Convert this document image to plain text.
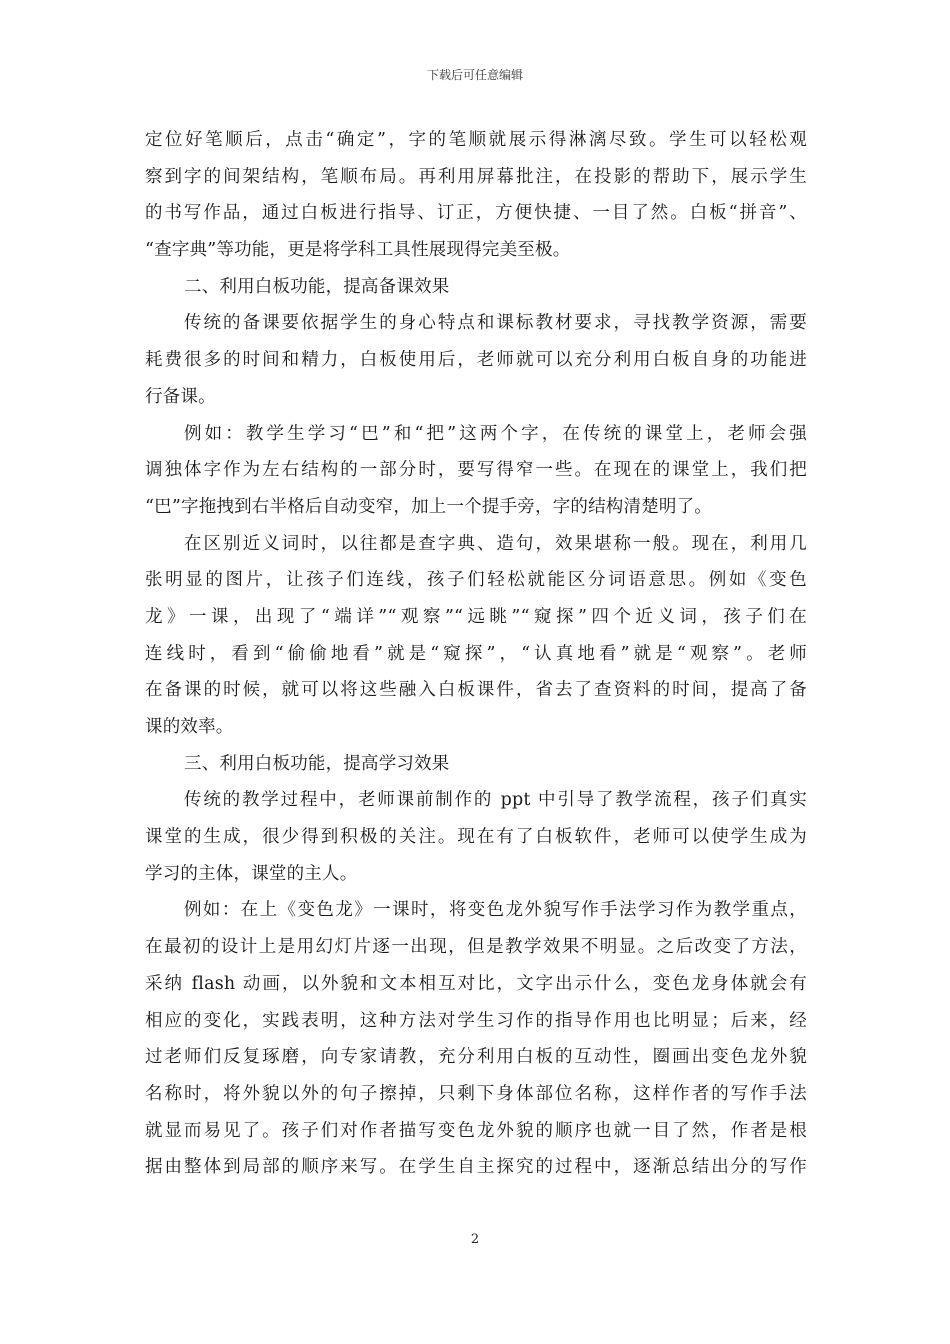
下载后可任意编辑
定位好笔顺后，点击“确定”，字的笔顺就展示得淋漓尽致。学生可以轻松观
察到字的间架结构，笔顺布局。再利用屏幕批注，在投影的帮助下，展示学生
的书写作品，通过白板进行指导、订正，方便快捷、一目了然。白板“拼音”、
“查字典”等功能，更是将学科工具性展现得完美至极。
二、利用白板功能，提高备课效果
传统的备课要依据学生的身心特点和课标教材要求，寻找教学资源，需要
耗费很多的时间和精力，白板使用后，老师就可以充分利用白板自身的功能进
行备课。
例如：教学生学习“巴”和“把”这两个字，在传统的课堂上，老师会强
调独体字作为左右结构的一部分时，要写得窄一些。在现在的课堂上，我们把
“巴”字拖拽到右半格后自动变窄，加上一个提手旁，字的结构清楚明了。
在区别近义词时，以往都是查字典、造句，效果堪称一般。现在，利用几
张明显的图片，让孩子们连线，孩子们轻松就能区分词语意思。例如《变色
龙》一课，出现了“端详”“观察”“远眺”“窥探”四个近义词，孩子们在
连线时，看到“偷偷地看”就是“窥探”，“认真地看”就是“观察”。老师
在备课的时候，就可以将这些融入白板课件，省去了查资料的时间，提高了备
课的效率。
三、利用白板功能，提高学习效果
传统的教学过程中，老师课前制作的 ppt 中引导了教学流程，孩子们真实
课堂的生成，很少得到积极的关注。现在有了白板软件，老师可以使学生成为
学习的主体，课堂的主人。
例如：在上《变色龙》一课时，将变色龙外貌写作手法学习作为教学重点，
在最初的设计上是用幻灯片逐一出现，但是教学效果不明显。之后改变了方法，
采纳 flash 动画，以外貌和文本相互对比，文字出示什么，变色龙身体就会有
相应的变化，实践表明，这种方法对学生习作的指导作用也比明显；后来，经
过老师们反复琢磨，向专家请教，充分利用白板的互动性，圈画出变色龙外貌
名称时，将外貌以外的句子擦掉，只剩下身体部位名称，这样作者的写作手法
就显而易见了。孩子们对作者描写变色龙外貌的顺序也就一目了然，作者是根
据由整体到局部的顺序来写。在学生自主探究的过程中，逐渐总结出分的写作
2
